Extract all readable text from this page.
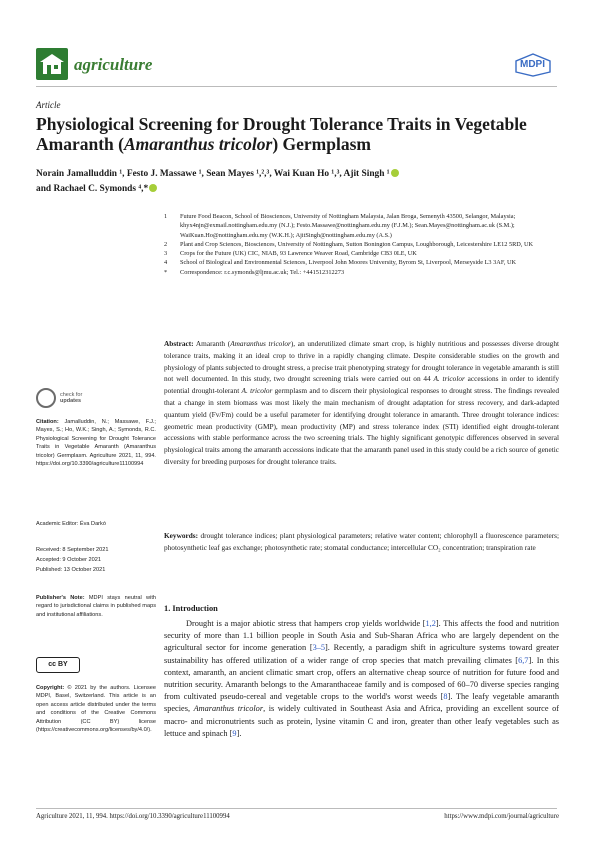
agriculture	MDPI
Article
Physiological Screening for Drought Tolerance Traits in Vegetable Amaranth (Amaranthus tricolor) Germplasm
Norain Jamalluddin ¹, Festo J. Massawe ¹, Sean Mayes ¹,²,³, Wai Kuan Ho ¹,³, Ajit Singh ¹
and Rachael C. Symonds ⁴,*
1 Future Food Beacon, School of Biosciences, University of Nottingham Malaysia, Jalan Broga, Semenyih 43500, Selangor, Malaysia; khyx4njn@exmail.nottingham.edu.my (N.J.); Festo.Massawe@nottingham.edu.my (F.J.M.); Sean.Mayes@nottingham.ac.uk (S.M.); WaiKuan.Ho@nottingham.edu.my (W.K.H.); AjitSingh@nottingham.edu.my (A.S.)
2 Plant and Crop Sciences, Biosciences, University of Nottingham, Sutton Bonington Campus, Loughborough, Leicestershire LE12 5RD, UK
3 Crops for the Future (UK) CIC, NIAB, 93 Lawrence Weaver Road, Cambridge CB3 0LE, UK
4 School of Biological and Environmental Sciences, Liverpool John Moores University, Byrom St, Liverpool, Merseyside L3 3AF, UK
* Correspondence: r.c.symonds@ljmu.ac.uk; Tel.: +441512312273
Abstract: Amaranth (Amaranthus tricolor), an underutilized climate smart crop, is highly nutritious and possesses diverse drought tolerance traits, making it an ideal crop to thrive in a rapidly changing climate. Despite considerable studies on the growth and physiology of plants subjected to drought stress, a precise trait phenotyping strategy for drought tolerance in vegetable amaranth is still not well documented. In this study, two drought screening trials were carried out on 44 A. tricolor accessions in order to identify potential drought-tolerant A. tricolor germplasm and to discern their physiological responses to drought stress. The findings revealed that a change in stem biomass was most likely the main mechanism of drought adaptation for stress recovery, and dark-adapted quantum yield (Fv/Fm) could be a useful parameter for identifying drought tolerance in amaranth. Three drought tolerance indices: geometric mean productivity (GMP), mean productivity (MP) and stress tolerance index (STI) identified eight drought-tolerant accessions with stable performance across the two screening trials. The highly significant genotypic differences observed in several physiological traits among the amaranth accessions indicate that the amaranth panel used in this study could be a rich source of genetic diversity for breeding purposes for drought tolerance traits.
Keywords: drought tolerance indices; plant physiological parameters; relative water content; chlorophyll a fluorescence parameters; photosynthetic leaf gas exchange; photosynthetic rate; stomatal conductance; intercellular CO₂ concentration; transpiration rate
check for
updates
Citation: Jamalluddin, N.; Massawe, F.J.; Mayes, S.; Ho, W.K.; Singh, A.; Symonds, R.C. Physiological Screening for Drought Tolerance Traits in Vegetable Amaranth (Amaranthus tricolor) Germplasm. Agriculture 2021, 11, 994. https://doi.org/10.3390/agriculture11100994
Academic Editor: Éva Darkó
Received: 8 September 2021
Accepted: 9 October 2021
Published: 13 October 2021
Publisher's Note: MDPI stays neutral with regard to jurisdictional claims in published maps and institutional affiliations.
cc BY
Copyright: © 2021 by the authors. Licensee MDPI, Basel, Switzerland. This article is an open access article distributed under the terms and conditions of the Creative Commons Attribution (CC BY) license (https://creativecommons.org/licenses/by/4.0/).
1. Introduction
Drought is a major abiotic stress that hampers crop yields worldwide [1,2]. This affects the food and nutrition security of more than 1.1 billion people in South Asia and Sub-Sharan Africa who are largely dependent on the agricultural sector for income generation [3–5]. Recently, a paradigm shift in agriculture systems toward greater sustainability has offered utilization of a wider range of crop species that match prevailing climates [6,7]. In this context, amaranth, an ancient climatic smart crop, offers an alternative cheap source of nutrition for future food and nutrition security. Amaranth belongs to the Amaranthaceae family and is composed of 60–70 diverse species ranging from cultivated pseudo-cereal and vegetable crops to the world's worst weeds [8]. The leafy vegetable amaranth species, Amaranthus tricolor, is widely cultivated in Southeast Asia and Africa, providing an excellent source of macro- and micronutrients such as protein, lysine vitamin C and iron, greater than other leafy vegetables such as lettuce and spinach [9].
Agriculture 2021, 11, 994. https://doi.org/10.3390/agriculture11100994	https://www.mdpi.com/journal/agriculture
